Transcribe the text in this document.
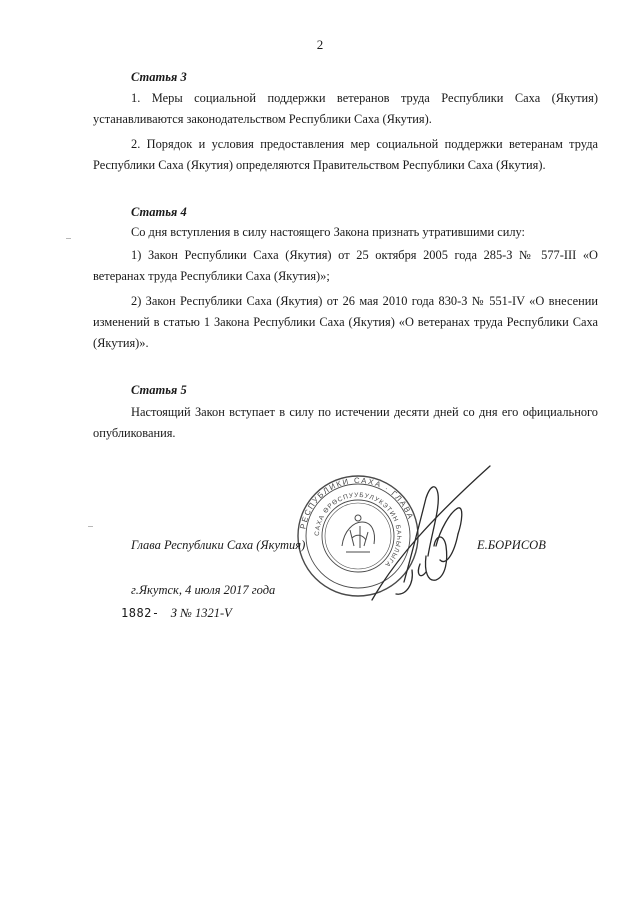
2
Статья 3

1. Меры социальной поддержки ветеранов труда Республики Саха (Якутия) устанавливаются законодательством Республики Саха (Якутия).

2. Порядок и условия предоставления мер социальной поддержки ветеранам труда Республики Саха (Якутия) определяются Правительством Республики Саха (Якутия).

Статья 4

Со дня вступления в силу настоящего Закона признать утратившими силу:

1) Закон Республики Саха (Якутия) от 25 октября 2005 года 285-З № 577-III «О ветеранах труда Республики Саха (Якутия)»;

2) Закон Республики Саха (Якутия) от 26 мая 2010 года 830-З № 551-IV «О внесении изменений в статью 1 Закона Республики Саха (Якутия) «О ветеранах труда Республики Саха (Якутия)».

Статья 5

Настоящий Закон вступает в силу по истечении десяти дней со дня его официального опубликования.

РЕСПУБЛИКИ САХА · ГЛАВА
САХА ӨРӨСПУУБУЛУКЭТИН БАҺЫЛЫГА
Глава Республики Саха (Якутия)	Е.БОРИСОВ
г.Якутск, 4 июля 2017 года
1882- З № 1321-V
